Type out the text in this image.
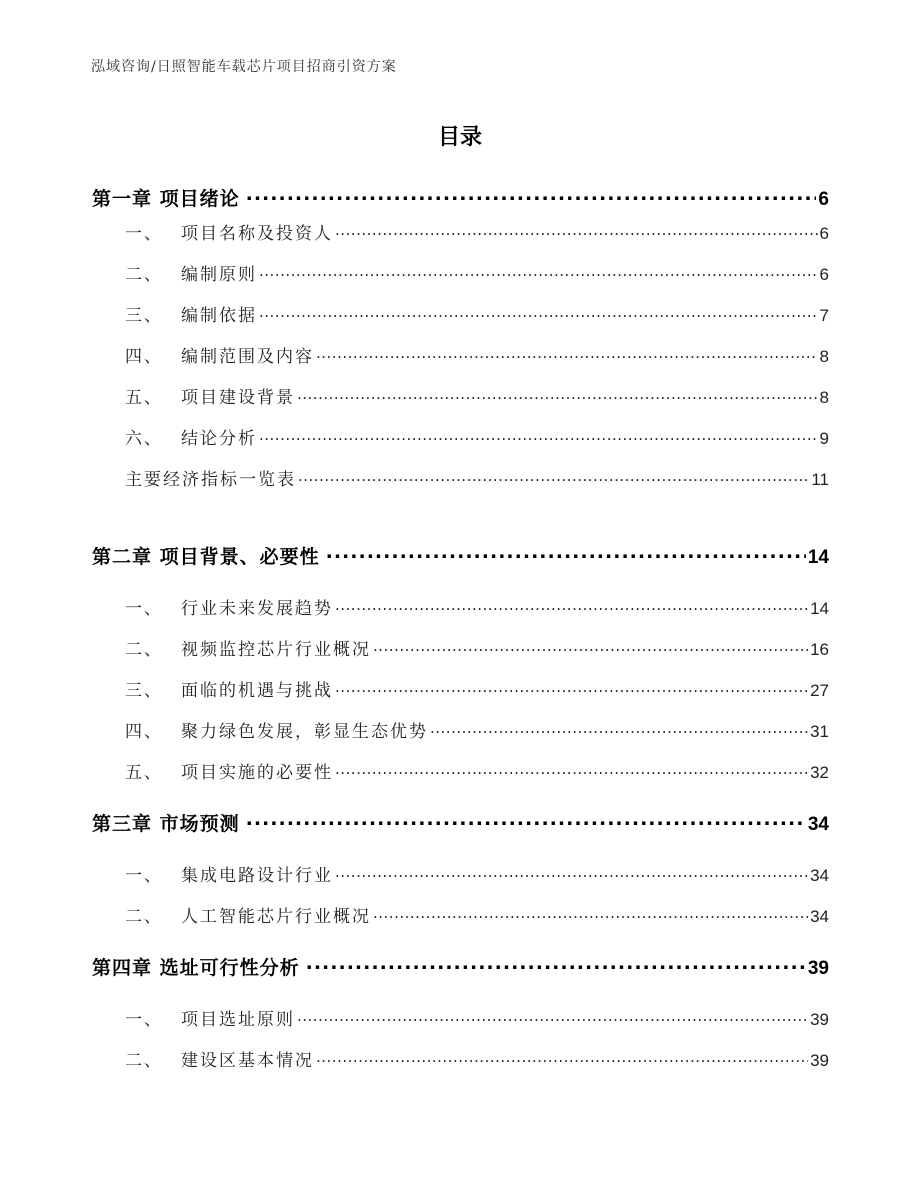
泓域咨询/日照智能车载芯片项目招商引资方案
目录
第一章 项目绪论 .....	6
一、 项目名称及投资人 .....	6
二、 编制原则 .....	6
三、 编制依据 .....	7
四、 编制范围及内容 .....	8
五、 项目建设背景 .....	8
六、 结论分析 .....	9
主要经济指标一览表 .....	11
第二章 项目背景、必要性 .....	14
一、 行业未来发展趋势 .....	14
二、 视频监控芯片行业概况 .....	16
三、 面临的机遇与挑战 .....	27
四、 聚力绿色发展，彰显生态优势 .....	31
五、 项目实施的必要性 .....	32
第三章 市场预测 .....	34
一、 集成电路设计行业 .....	34
二、 人工智能芯片行业概况 .....	34
第四章 选址可行性分析 .....	39
一、 项目选址原则 .....	39
二、 建设区基本情况 .....	39
